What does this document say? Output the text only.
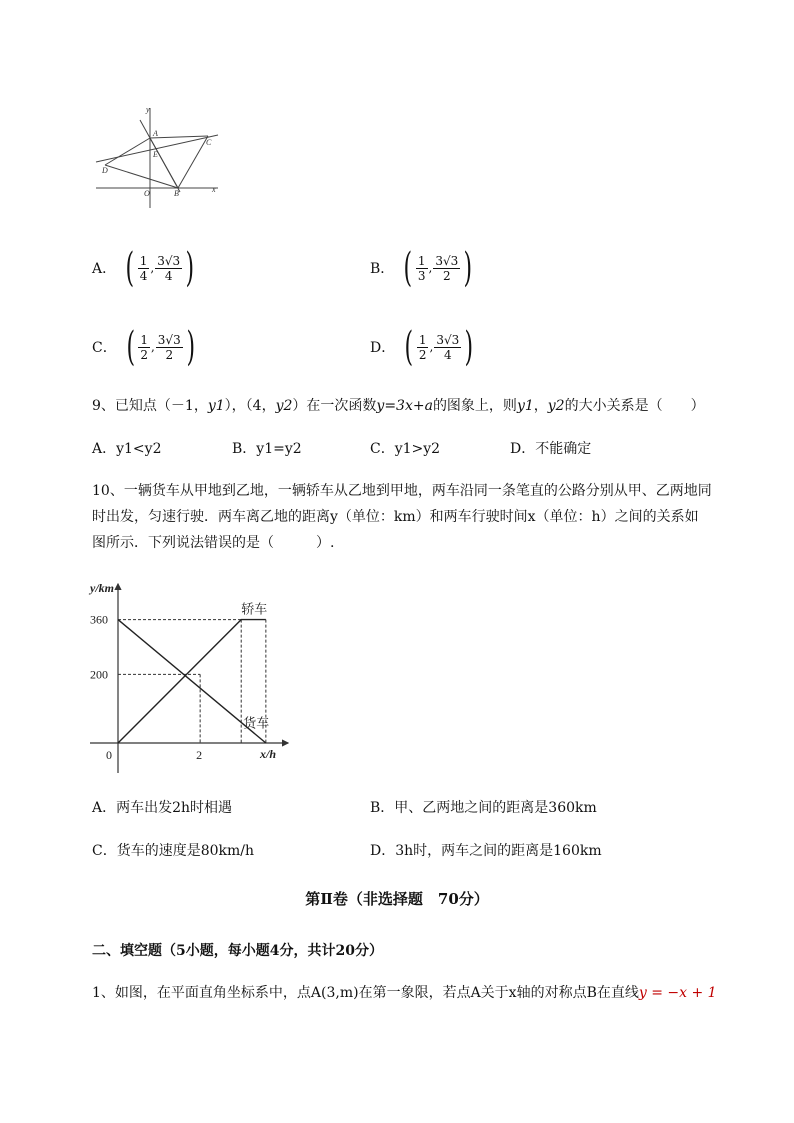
y
x
A
C
E
D
O	B
A． ( $\frac{1}{4}$ , $\frac{3√3}{4}$ )	B． ( $\frac{1}{3}$ , $\frac{3√3}{2}$ )
C． ( $\frac{1}{2}$ , $\frac{3√3}{2}$ )	D． ( $\frac{1}{2}$ , $\frac{3√3}{4}$ )
9、已知点（－1，y1），（4，y2）在一次函数y=3x+a的图象上，则y1，y2的大小关系是（　　）
A．y1<y2	B．y1=y2	C．y1>y2	D．不能确定
10、一辆货车从甲地到乙地，一辆轿车从乙地到甲地，两车沿同一条笔直的公路分别从甲、乙两地同
时出发，匀速行驶．两车离乙地的距离y（单位：km）和两车行驶时间x（单位：h）之间的关系如
图所示．下列说法错误的是（　　　）.
y/km
x/h
360
200
2
0
轿车
货车
A．两车出发2h时相遇	B．甲、乙两地之间的距离是360km
C．货车的速度是80km/h	D．3h时，两车之间的距离是160km
第Ⅱ卷（非选择题　70分）
二、填空题（5小题，每小题4分，共计20分）
1、如图，在平面直角坐标系中，点A(3,m)在第一象限，若点A关于x轴的对称点B在直线y = −x + 1
